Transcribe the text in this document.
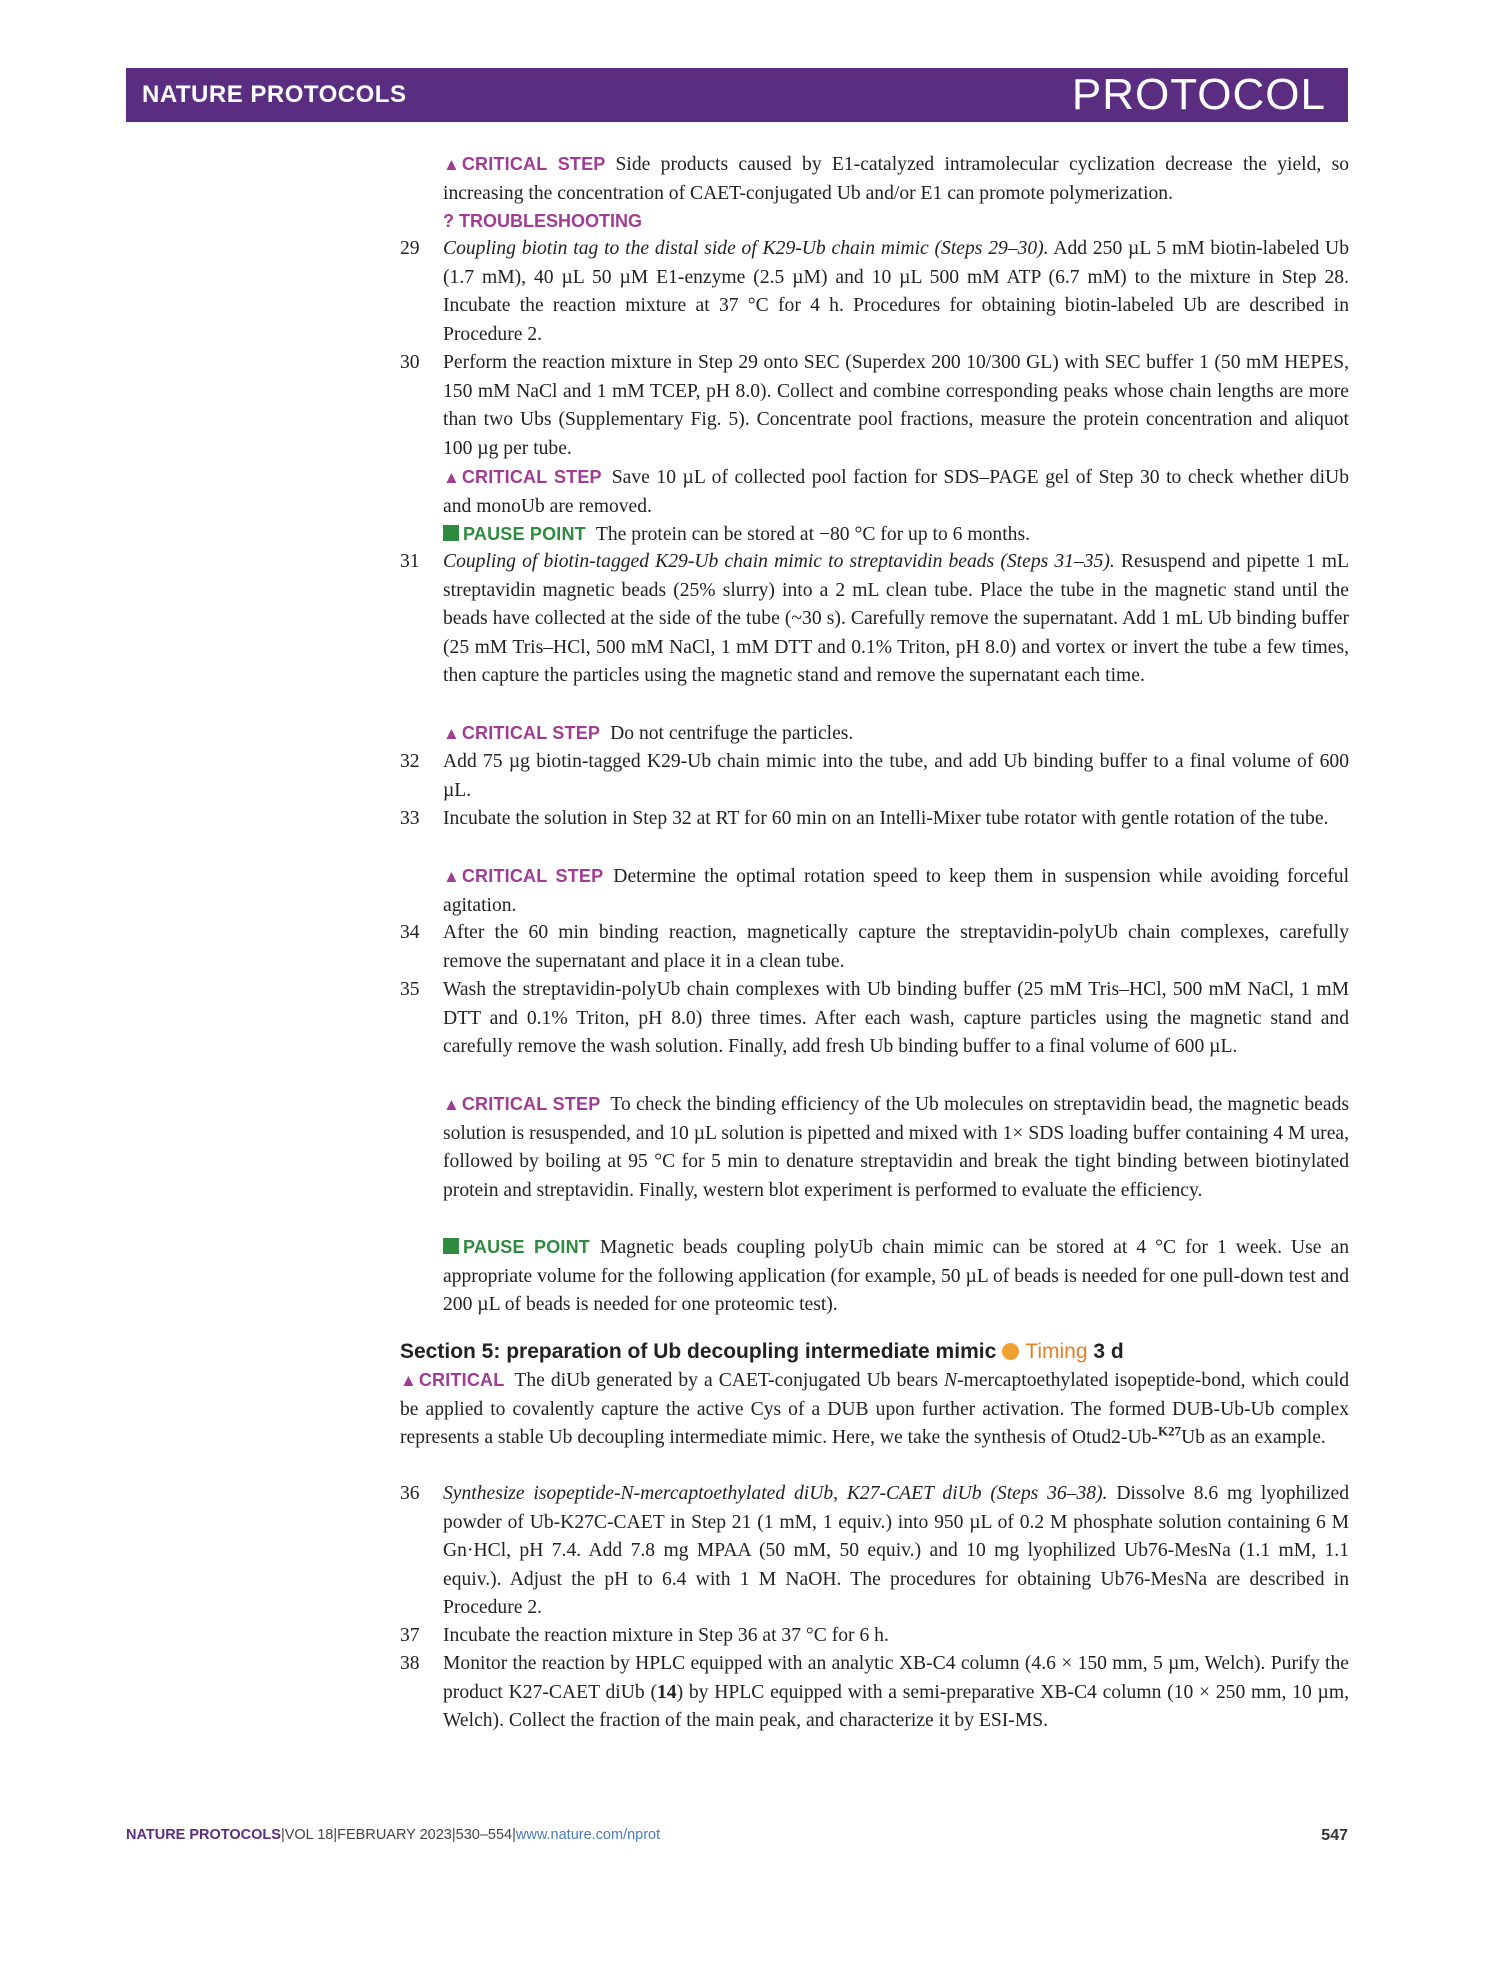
NATURE PROTOCOLS	PROTOCOL
▲ CRITICAL STEP Side products caused by E1-catalyzed intramolecular cyclization decrease the yield, so increasing the concentration of CAET-conjugated Ub and/or E1 can promote polymerization.
? TROUBLESHOOTING
29	Coupling biotin tag to the distal side of K29-Ub chain mimic (Steps 29–30). Add 250 µL 5 mM biotin-labeled Ub (1.7 mM), 40 µL 50 µM E1-enzyme (2.5 µM) and 10 µL 500 mM ATP (6.7 mM) to the mixture in Step 28. Incubate the reaction mixture at 37 °C for 4 h. Procedures for obtaining biotin-labeled Ub are described in Procedure 2.
30	Perform the reaction mixture in Step 29 onto SEC (Superdex 200 10/300 GL) with SEC buffer 1 (50 mM HEPES, 150 mM NaCl and 1 mM TCEP, pH 8.0). Collect and combine corresponding peaks whose chain lengths are more than two Ubs (Supplementary Fig. 5). Concentrate pool fractions, measure the protein concentration and aliquot 100 µg per tube.
▲ CRITICAL STEP Save 10 µL of collected pool faction for SDS–PAGE gel of Step 30 to check whether diUb and monoUb are removed.
PAUSE POINT The protein can be stored at −80 °C for up to 6 months.
31	Coupling of biotin-tagged K29-Ub chain mimic to streptavidin beads (Steps 31–35). Resuspend and pipette 1 mL streptavidin magnetic beads (25% slurry) into a 2 mL clean tube. Place the tube in the magnetic stand until the beads have collected at the side of the tube (~30 s). Carefully remove the supernatant. Add 1 mL Ub binding buffer (25 mM Tris–HCl, 500 mM NaCl, 1 mM DTT and 0.1% Triton, pH 8.0) and vortex or invert the tube a few times, then capture the particles using the magnetic stand and remove the supernatant each time.
▲ CRITICAL STEP Do not centrifuge the particles.
32	Add 75 µg biotin-tagged K29-Ub chain mimic into the tube, and add Ub binding buffer to a final volume of 600 µL.
33	Incubate the solution in Step 32 at RT for 60 min on an Intelli-Mixer tube rotator with gentle rotation of the tube.
▲ CRITICAL STEP Determine the optimal rotation speed to keep them in suspension while avoiding forceful agitation.
34	After the 60 min binding reaction, magnetically capture the streptavidin-polyUb chain complexes, carefully remove the supernatant and place it in a clean tube.
35	Wash the streptavidin-polyUb chain complexes with Ub binding buffer (25 mM Tris–HCl, 500 mM NaCl, 1 mM DTT and 0.1% Triton, pH 8.0) three times. After each wash, capture particles using the magnetic stand and carefully remove the wash solution. Finally, add fresh Ub binding buffer to a final volume of 600 µL.
▲ CRITICAL STEP To check the binding efficiency of the Ub molecules on streptavidin bead, the magnetic beads solution is resuspended, and 10 µL solution is pipetted and mixed with 1× SDS loading buffer containing 4 M urea, followed by boiling at 95 °C for 5 min to denature streptavidin and break the tight binding between biotinylated protein and streptavidin. Finally, western blot experiment is performed to evaluate the efficiency.
PAUSE POINT Magnetic beads coupling polyUb chain mimic can be stored at 4 °C for 1 week. Use an appropriate volume for the following application (for example, 50 µL of beads is needed for one pull-down test and 200 µL of beads is needed for one proteomic test).
Section 5: preparation of Ub decoupling intermediate mimic Timing 3 d
▲ CRITICAL The diUb generated by a CAET-conjugated Ub bears N-mercaptoethylated isopeptide-bond, which could be applied to covalently capture the active Cys of a DUB upon further activation. The formed DUB-Ub-Ub complex represents a stable Ub decoupling intermediate mimic. Here, we take the synthesis of Otud2-Ub-$^{K27}$Ub as an example.
36	Synthesize isopeptide-N-mercaptoethylated diUb, K27-CAET diUb (Steps 36–38). Dissolve 8.6 mg lyophilized powder of Ub-K27C-CAET in Step 21 (1 mM, 1 equiv.) into 950 µL of 0.2 M phosphate solution containing 6 M Gn·HCl, pH 7.4. Add 7.8 mg MPAA (50 mM, 50 equiv.) and 10 mg lyophilized Ub76-MesNa (1.1 mM, 1.1 equiv.). Adjust the pH to 6.4 with 1 M NaOH. The procedures for obtaining Ub76-MesNa are described in Procedure 2.
37	Incubate the reaction mixture in Step 36 at 37 °C for 6 h.
38	Monitor the reaction by HPLC equipped with an analytic XB-C4 column (4.6 × 150 mm, 5 µm, Welch). Purify the product K27-CAET diUb (14) by HPLC equipped with a semi-preparative XB-C4 column (10 × 250 mm, 10 µm, Welch). Collect the fraction of the main peak, and characterize it by ESI-MS.
NATURE PROTOCOLS|VOL 18|FEBRUARY 2023|530–554|www.nature.com/nprot	547
